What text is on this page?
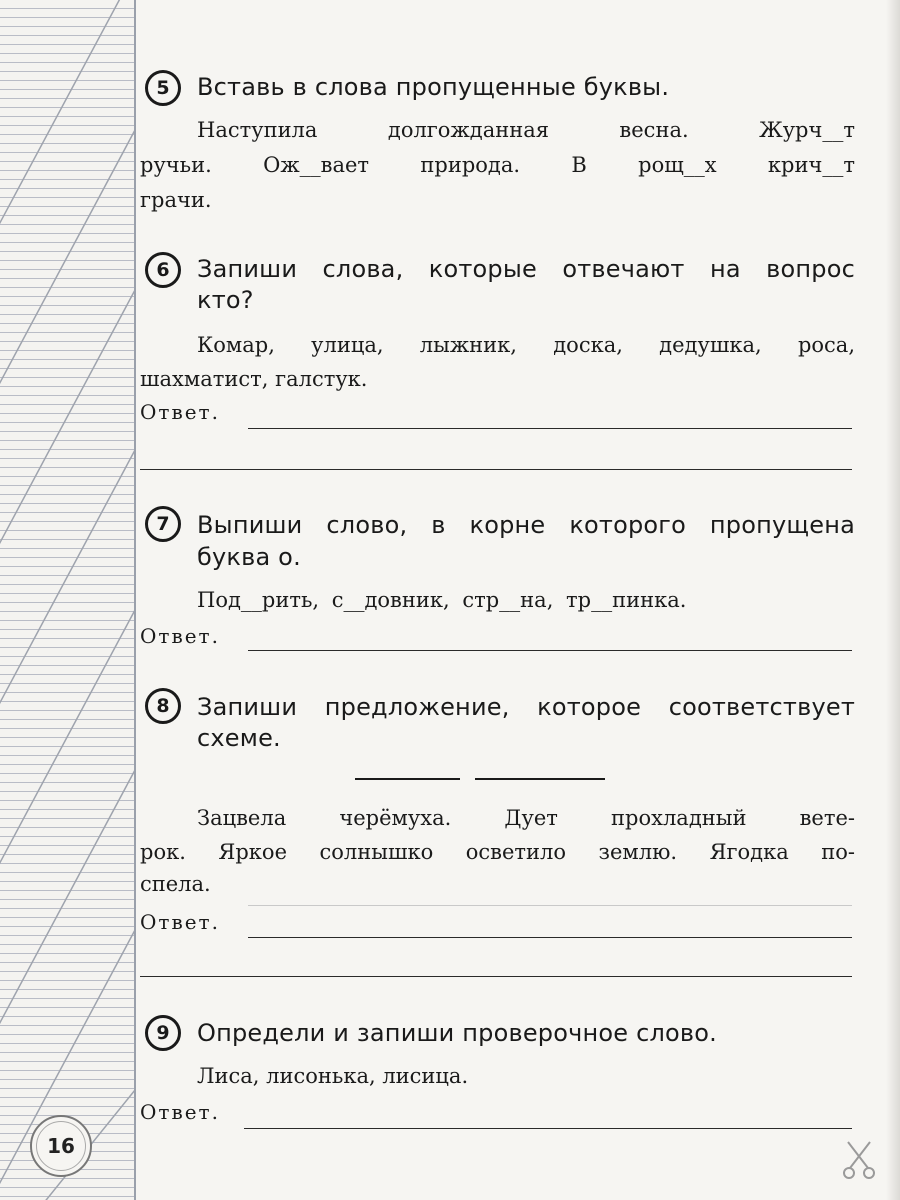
5	Вставь в слова пропущенные буквы.
Наступила долгожданная весна. Журч__т
ручьи. Ож__вает природа. В рощ__х крич__т
грачи.
6	Запиши слова, которые отвечают на вопрос
кто?
Комар, улица, лыжник, доска, дедушка, роса,
шахматист, галстук.
Ответ.
7	Выпиши слово, в корне которого пропущена
буква о.
Под__рить, с__довник, стр__на, тр__пинка.
Ответ.
8	Запиши предложение, которое соответствует
схеме.
Зацвела черёмуха. Дует прохладный вете-
рок. Яркое солнышко осветило землю. Ягодка по-
спела.
Ответ.
9	Определи и запиши проверочное слово.
Лиса, лисонька, лисица.
Ответ.
16
